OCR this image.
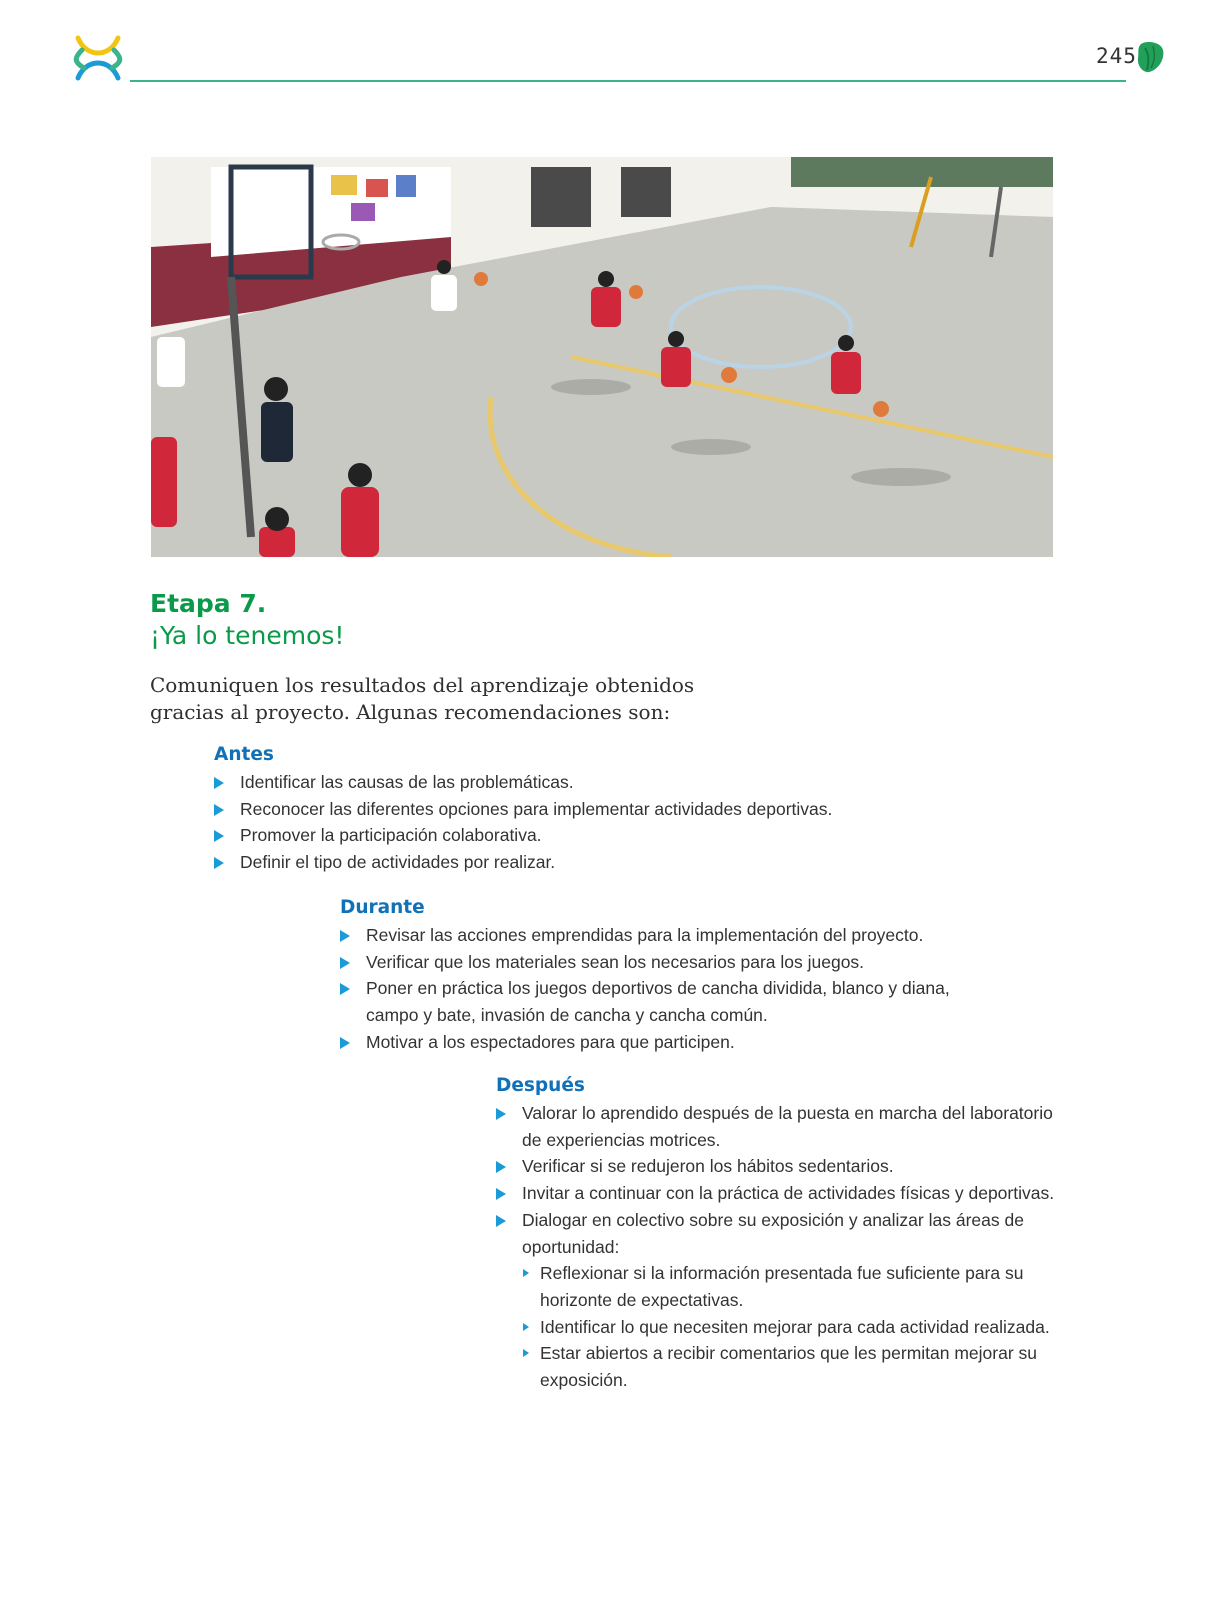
245
Etapa 7.
¡Ya lo tenemos!
Comuniquen los resultados del aprendizaje obtenidos gracias al proyecto. Algunas recomendaciones son:
Antes
Identificar las causas de las problemáticas.
Reconocer las diferentes opciones para implementar actividades deportivas.
Promover la participación colaborativa.
Definir el tipo de actividades por realizar.
Durante
Revisar las acciones emprendidas para la implementación del proyecto.
Verificar que los materiales sean los necesarios para los juegos.
Poner en práctica los juegos deportivos de cancha dividida, blanco y diana, campo y bate, invasión de cancha y cancha común.
Motivar a los espectadores para que participen.
Después
Valorar lo aprendido después de la puesta en marcha del laboratorio de experiencias motrices.
Verificar si se redujeron los hábitos sedentarios.
Invitar a continuar con la práctica de actividades físicas y deportivas.
Dialogar en colectivo sobre su exposición y analizar las áreas de oportunidad:
Reflexionar si la información presentada fue suficiente para su horizonte de expectativas.
Identificar lo que necesiten mejorar para cada actividad realizada.
Estar abiertos a recibir comentarios que les permitan mejorar su exposición.
